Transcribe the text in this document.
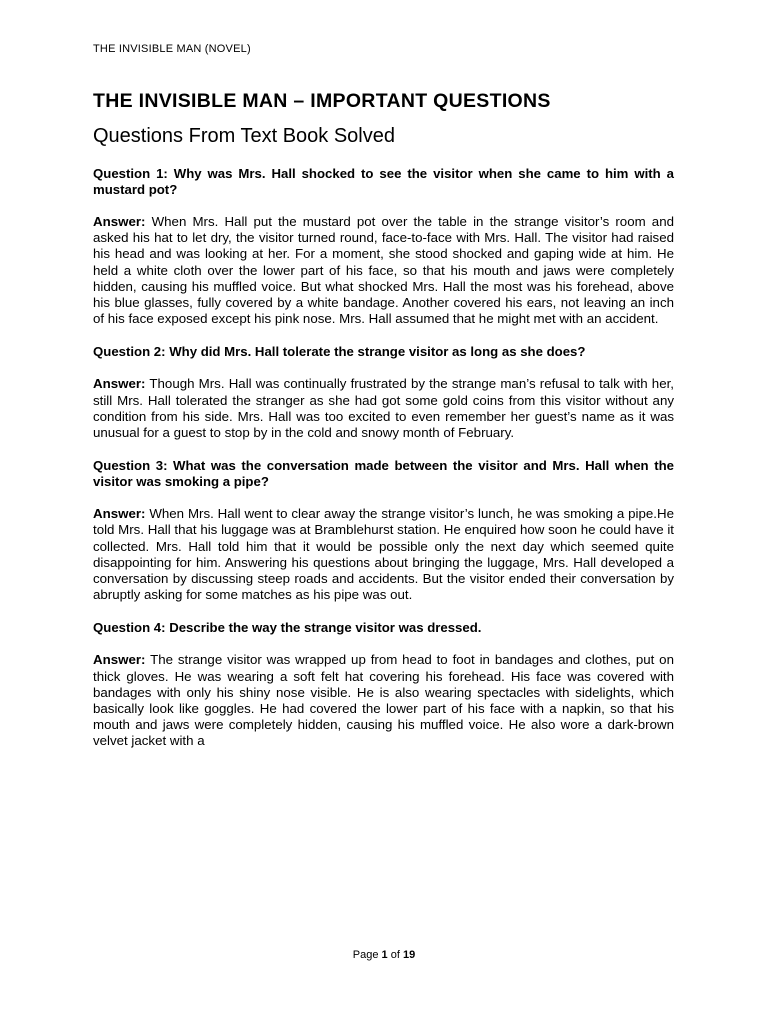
THE INVISIBLE MAN (NOVEL)
THE INVISIBLE MAN – IMPORTANT QUESTIONS
Questions From Text Book Solved

Question 1: Why was Mrs. Hall shocked to see the visitor when she came to him with a mustard pot?

Answer: When Mrs. Hall put the mustard pot over the table in the strange visitor’s room and asked his hat to let dry, the visitor turned round, face-to-face with Mrs. Hall. The visitor had raised his head and was looking at her. For a moment, she stood shocked and gaping wide at him. He held a white cloth over the lower part of his face, so that his mouth and jaws were completely hidden, causing his muffled voice. But what shocked Mrs. Hall the most was his forehead, above his blue glasses, fully covered by a white bandage. Another covered his ears, not leaving an inch of his face exposed except his pink nose. Mrs. Hall assumed that he might met with an accident.

Question 2: Why did Mrs. Hall tolerate the strange visitor as long as she does?

Answer: Though Mrs. Hall was continually frustrated by the strange man’s refusal to talk with her, still Mrs. Hall tolerated the stranger as she had got some gold coins from this visitor without any condition from his side. Mrs. Hall was too excited to even remember her guest’s name as it was unusual for a guest to stop by in the cold and snowy month of February.

Question 3: What was the conversation made between the visitor and Mrs. Hall when the visitor was smoking a pipe?

Answer: When Mrs. Hall went to clear away the strange visitor’s lunch, he was smoking a pipe.He told Mrs. Hall that his luggage was at Bramblehurst station. He enquired how soon he could have it collected. Mrs. Hall told him that it would be possible only the next day which seemed quite disappointing for him. Answering his questions about bringing the luggage, Mrs. Hall developed a conversation by discussing steep roads and accidents. But the visitor ended their conversation by abruptly asking for some matches as his pipe was out.

Question 4: Describe the way the strange visitor was dressed.

Answer: The strange visitor was wrapped up from head to foot in bandages and clothes, put on thick gloves. He was wearing a soft felt hat covering his forehead. His face was covered with bandages with only his shiny nose visible. He is also wearing spectacles with sidelights, which basically look like goggles. He had covered the lower part of his face with a napkin, so that his mouth and jaws were completely hidden, causing his muffled voice. He also wore a dark-brown velvet jacket with a

Page 1 of 19
